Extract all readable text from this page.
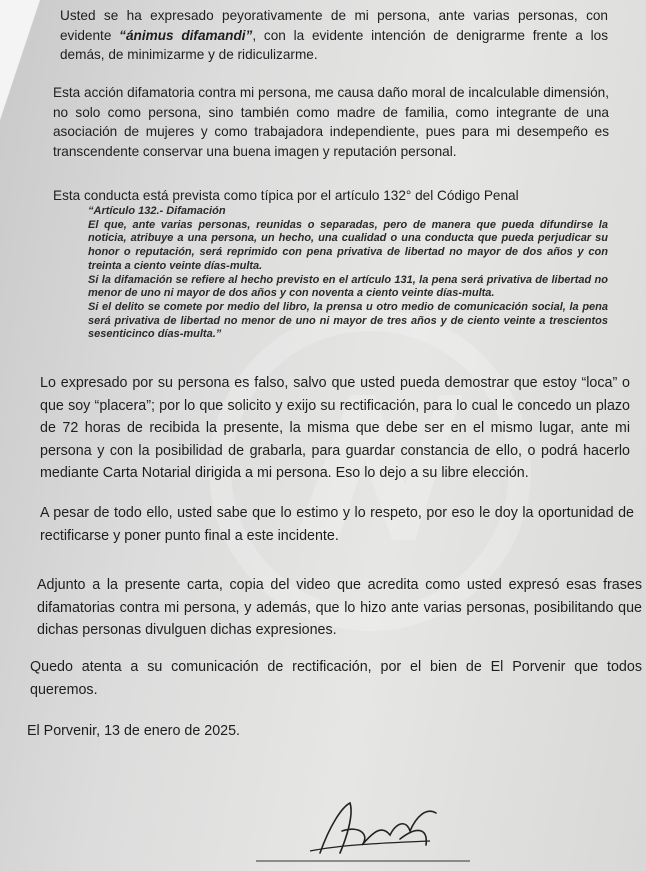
Usted se ha expresado peyorativamente de mi persona, ante varias personas, con evidente “ánimus difamandi”, con la evidente intención de denigrarme frente a los demás, de minimizarme y de ridiculizarme.
Esta acción difamatoria contra mi persona, me causa daño moral de incalculable dimensión, no solo como persona, sino también como madre de familia, como integrante de una asociación de mujeres y como trabajadora independiente, pues para mi desempeño es transcendente conservar una buena imagen y reputación personal.
Esta conducta está prevista como típica por el artículo 132° del Código Penal

“Artículo 132.- Difamación

El que, ante varias personas, reunidas o separadas, pero de manera que pueda difundirse la noticia, atribuye a una persona, un hecho, una cualidad o una conducta que pueda perjudicar su honor o reputación, será reprimido con pena privativa de libertad no mayor de dos años y con treinta a ciento veinte días-multa.

Si la difamación se refiere al hecho previsto en el artículo 131, la pena será privativa de libertad no menor de uno ni mayor de dos años y con noventa a ciento veinte días-multa.

Si el delito se comete por medio del libro, la prensa u otro medio de comunicación social, la pena será privativa de libertad no menor de uno ni mayor de tres años y de ciento veinte a trescientos sesenticinco días-multa.”

Lo expresado por su persona es falso, salvo que usted pueda demostrar que estoy “loca” o que soy “placera”; por lo que solicito y exijo su rectificación, para lo cual le concedo un plazo de 72 horas de recibida la presente, la misma que debe ser en el mismo lugar, ante mi persona y con la posibilidad de grabarla, para guardar constancia de ello, o podrá hacerlo mediante Carta Notarial dirigida a mi persona. Eso lo dejo a su libre elección.
A pesar de todo ello, usted sabe que lo estimo y lo respeto, por eso le doy la oportunidad de rectificarse y poner punto final a este incidente.
Adjunto a la presente carta, copia del video que acredita como usted expresó esas frases difamatorias contra mi persona, y además, que lo hizo ante varias personas, posibilitando que dichas personas divulguen dichas expresiones.
Quedo atenta a su comunicación de rectificación, por el bien de El Porvenir que todos queremos.
El Porvenir, 13 de enero de 2025.
